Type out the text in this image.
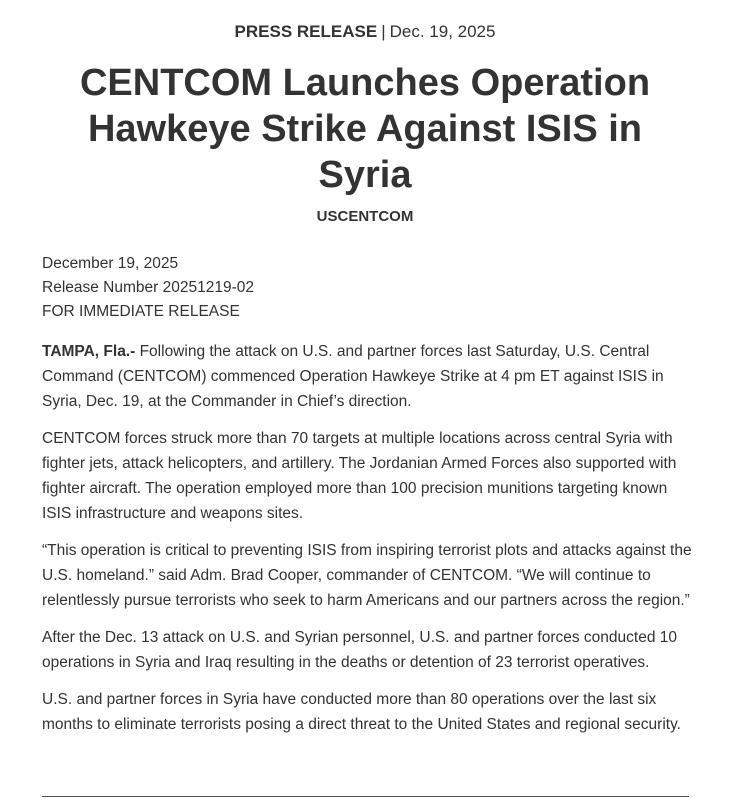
PRESS RELEASE | Dec. 19, 2025
CENTCOM Launches Operation Hawkeye Strike Against ISIS in Syria
USCENTCOM
December 19, 2025
Release Number 20251219-02
FOR IMMEDIATE RELEASE

TAMPA, Fla.- Following the attack on U.S. and partner forces last Saturday, U.S. Central Command (CENTCOM) commenced Operation Hawkeye Strike at 4 pm ET against ISIS in Syria, Dec. 19, at the Commander in Chief’s direction.

CENTCOM forces struck more than 70 targets at multiple locations across central Syria with fighter jets, attack helicopters, and artillery. The Jordanian Armed Forces also supported with fighter aircraft. The operation employed more than 100 precision munitions targeting known ISIS infrastructure and weapons sites.

“This operation is critical to preventing ISIS from inspiring terrorist plots and attacks against the U.S. homeland.” said Adm. Brad Cooper, commander of CENTCOM. “We will continue to relentlessly pursue terrorists who seek to harm Americans and our partners across the region.”

After the Dec. 13 attack on U.S. and Syrian personnel, U.S. and partner forces conducted 10 operations in Syria and Iraq resulting in the deaths or detention of 23 terrorist operatives.

U.S. and partner forces in Syria have conducted more than 80 operations over the last six months to eliminate terrorists posing a direct threat to the United States and regional security.
